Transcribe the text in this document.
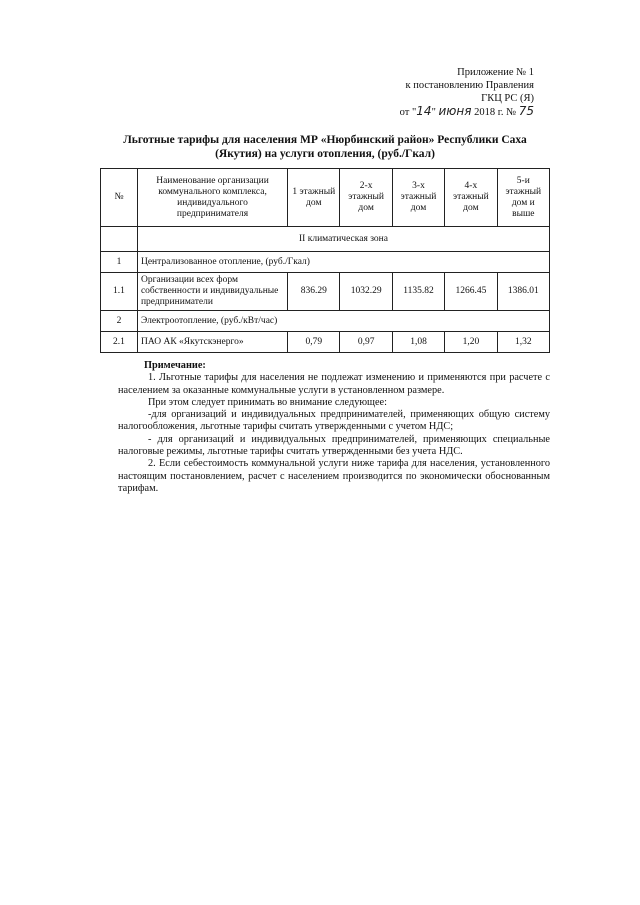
Приложение № 1
к постановлению Правления
ГКЦ РС (Я)
от "14" июня 2018 г. № 75
Льготные тарифы для населения МР «Нюрбинский район» Республики Саха (Якутия) на услуги отопления, (руб./Гкал)
№	Наименование организации коммунального комплекса, индивидуального предпринимателя	1 этажный дом	2-х этажный дом	3-х этажный дом	4-х этажный дом	5-и этажный дом и выше
	II климатическая зона					
1	Централизованное отопление, (руб./Гкал)					
1.1	Организации всех форм собственности и индивидуальные предприниматели	836.29	1032.29	1135.82	1266.45	1386.01
2	Электроотопление, (руб./кВт/час)					
2.1	ПАО АК «Якутскэнерго»	0,79	0,97	1,08	1,20	1,32
Примечание:

1. Льготные тарифы для населения не подлежат изменению и применяются при расчете с населением за оказанные коммунальные услуги в установленном размере.

При этом следует принимать во внимание следующее:

-для организаций и индивидуальных предпринимателей, применяющих общую систему налогообложения, льготные тарифы считать утвержденными с учетом НДС;

- для организаций и индивидуальных предпринимателей, применяющих специальные налоговые режимы, льготные тарифы считать утвержденными без учета НДС.

2. Если себестоимость коммунальной услуги ниже тарифа для населения, установленного настоящим постановлением, расчет с населением производится по экономически обоснованным тарифам.
